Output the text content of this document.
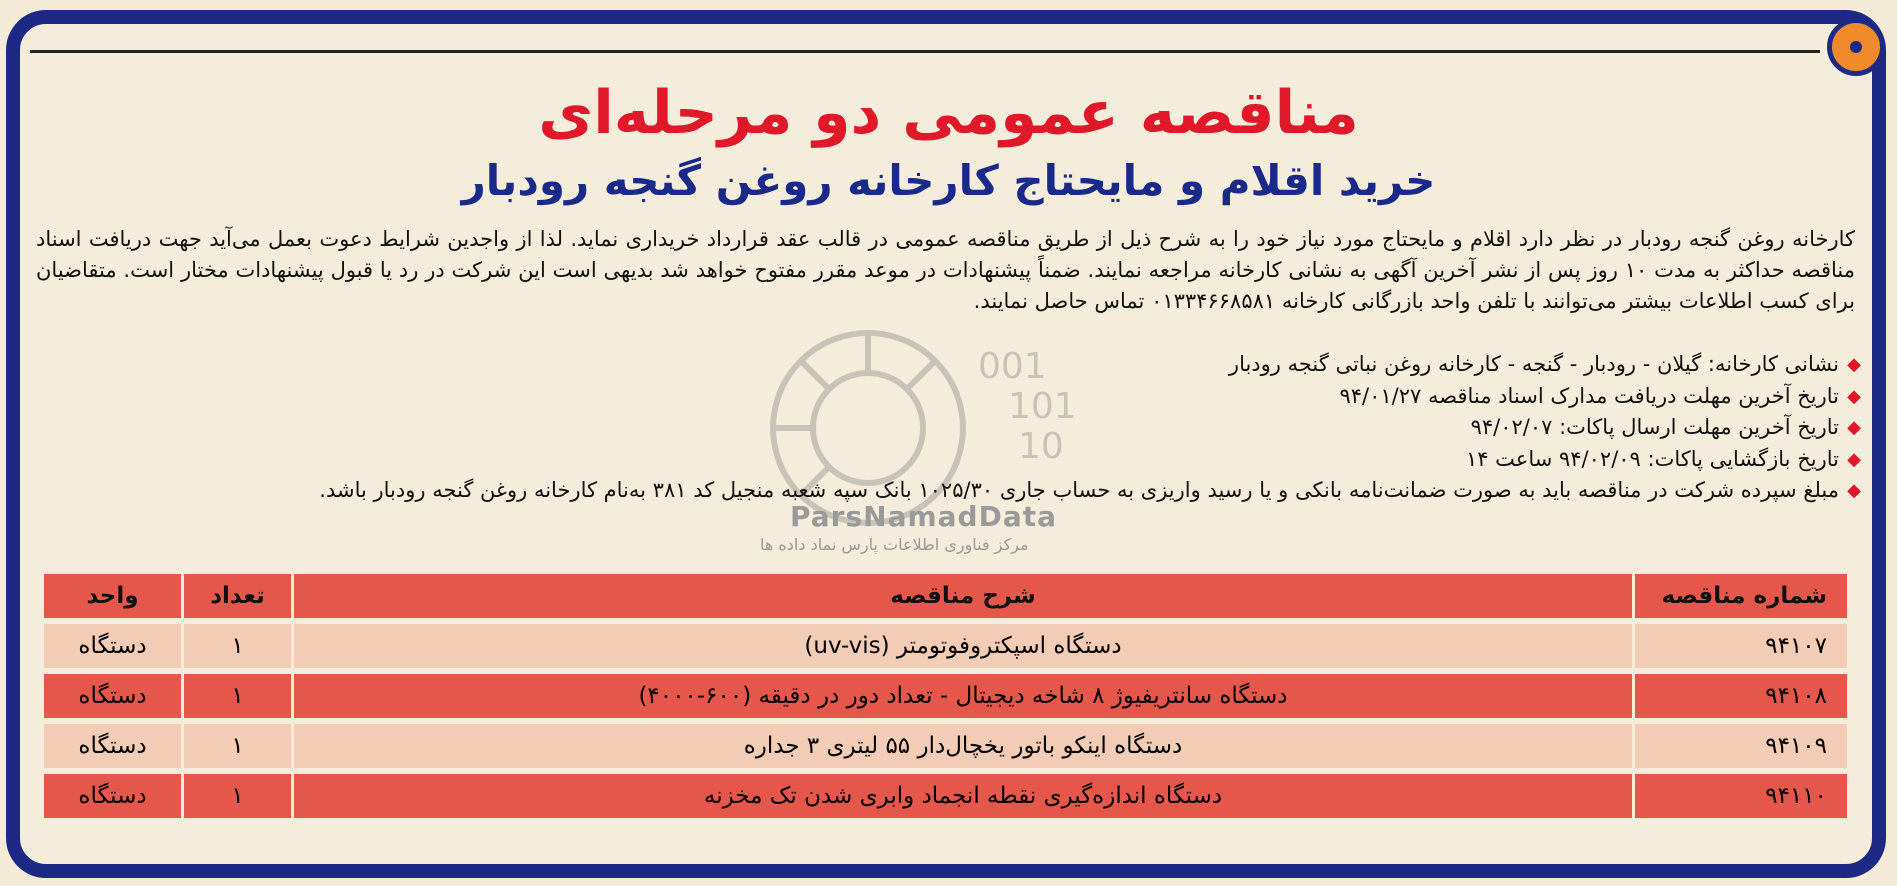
مناقصه عمومی دو مرحله‌ای
خرید اقلام و مایحتاج کارخانه روغن گنجه رودبار
کارخانه روغن گنجه رودبار در نظر دارد اقلام و مایحتاج مورد نیاز خود را به شرح ذیل از طریق مناقصه عمومی در قالب عقد قرارداد خریداری نماید. لذا از واجدین شرایط دعوت بعمل می‌آید جهت دریافت اسناد مناقصه حداکثر به مدت ۱۰ روز پس از نشر آخرین آگهی به نشانی کارخانه مراجعه نمایند. ضمناً پیشنهادات در موعد مقرر مفتوح خواهد شد بدیهی است این شرکت در رد یا قبول پیشنهادات مختار است. متقاضیان برای کسب اطلاعات بیشتر می‌توانند با تلفن واحد بازرگانی کارخانه ۰۱۳۳۴۶۶۸۵۸۱ تماس حاصل نمایند.
001
101
10
ParsNamadData
مرکز فناوری اطلاعات پارس نماد داده ها
◆ نشانی کارخانه: گیلان - رودبار - گنجه - کارخانه روغن نباتی گنجه رودبار
◆ تاریخ آخرین مهلت دریافت مدارک اسناد مناقصه ۹۴/۰۱/۲۷
◆ تاریخ آخرین مهلت ارسال پاکات: ۹۴/۰۲/۰۷
◆ تاریخ بازگشایی پاکات: ۹۴/۰۲/۰۹ ساعت ۱۴
◆ مبلغ سپرده شرکت در مناقصه باید به صورت ضمانت‌نامه بانکی و یا رسید واریزی به حساب جاری ۱۰۲۵/۳۰ بانک سپه شعبه منجیل کد ۳۸۱ به‌نام کارخانه روغن گنجه رودبار باشد.
شماره مناقصه	شرح مناقصه	تعداد	واحد
۹۴۱۰۷	دستگاه اسپکتروفوتومتر (uv-vis)	۱	دستگاه
۹۴۱۰۸	دستگاه سانتریفیوژ ۸ شاخه دیجیتال - تعداد دور در دقیقه (۶۰۰-۴۰۰۰)	۱	دستگاه
۹۴۱۰۹	دستگاه اینکو باتور یخچال‌دار ۵۵ لیتری ۳ جداره	۱	دستگاه
۹۴۱۱۰	دستگاه اندازه‌گیری نقطه انجماد وابری شدن تک مخزنه	۱	دستگاه
